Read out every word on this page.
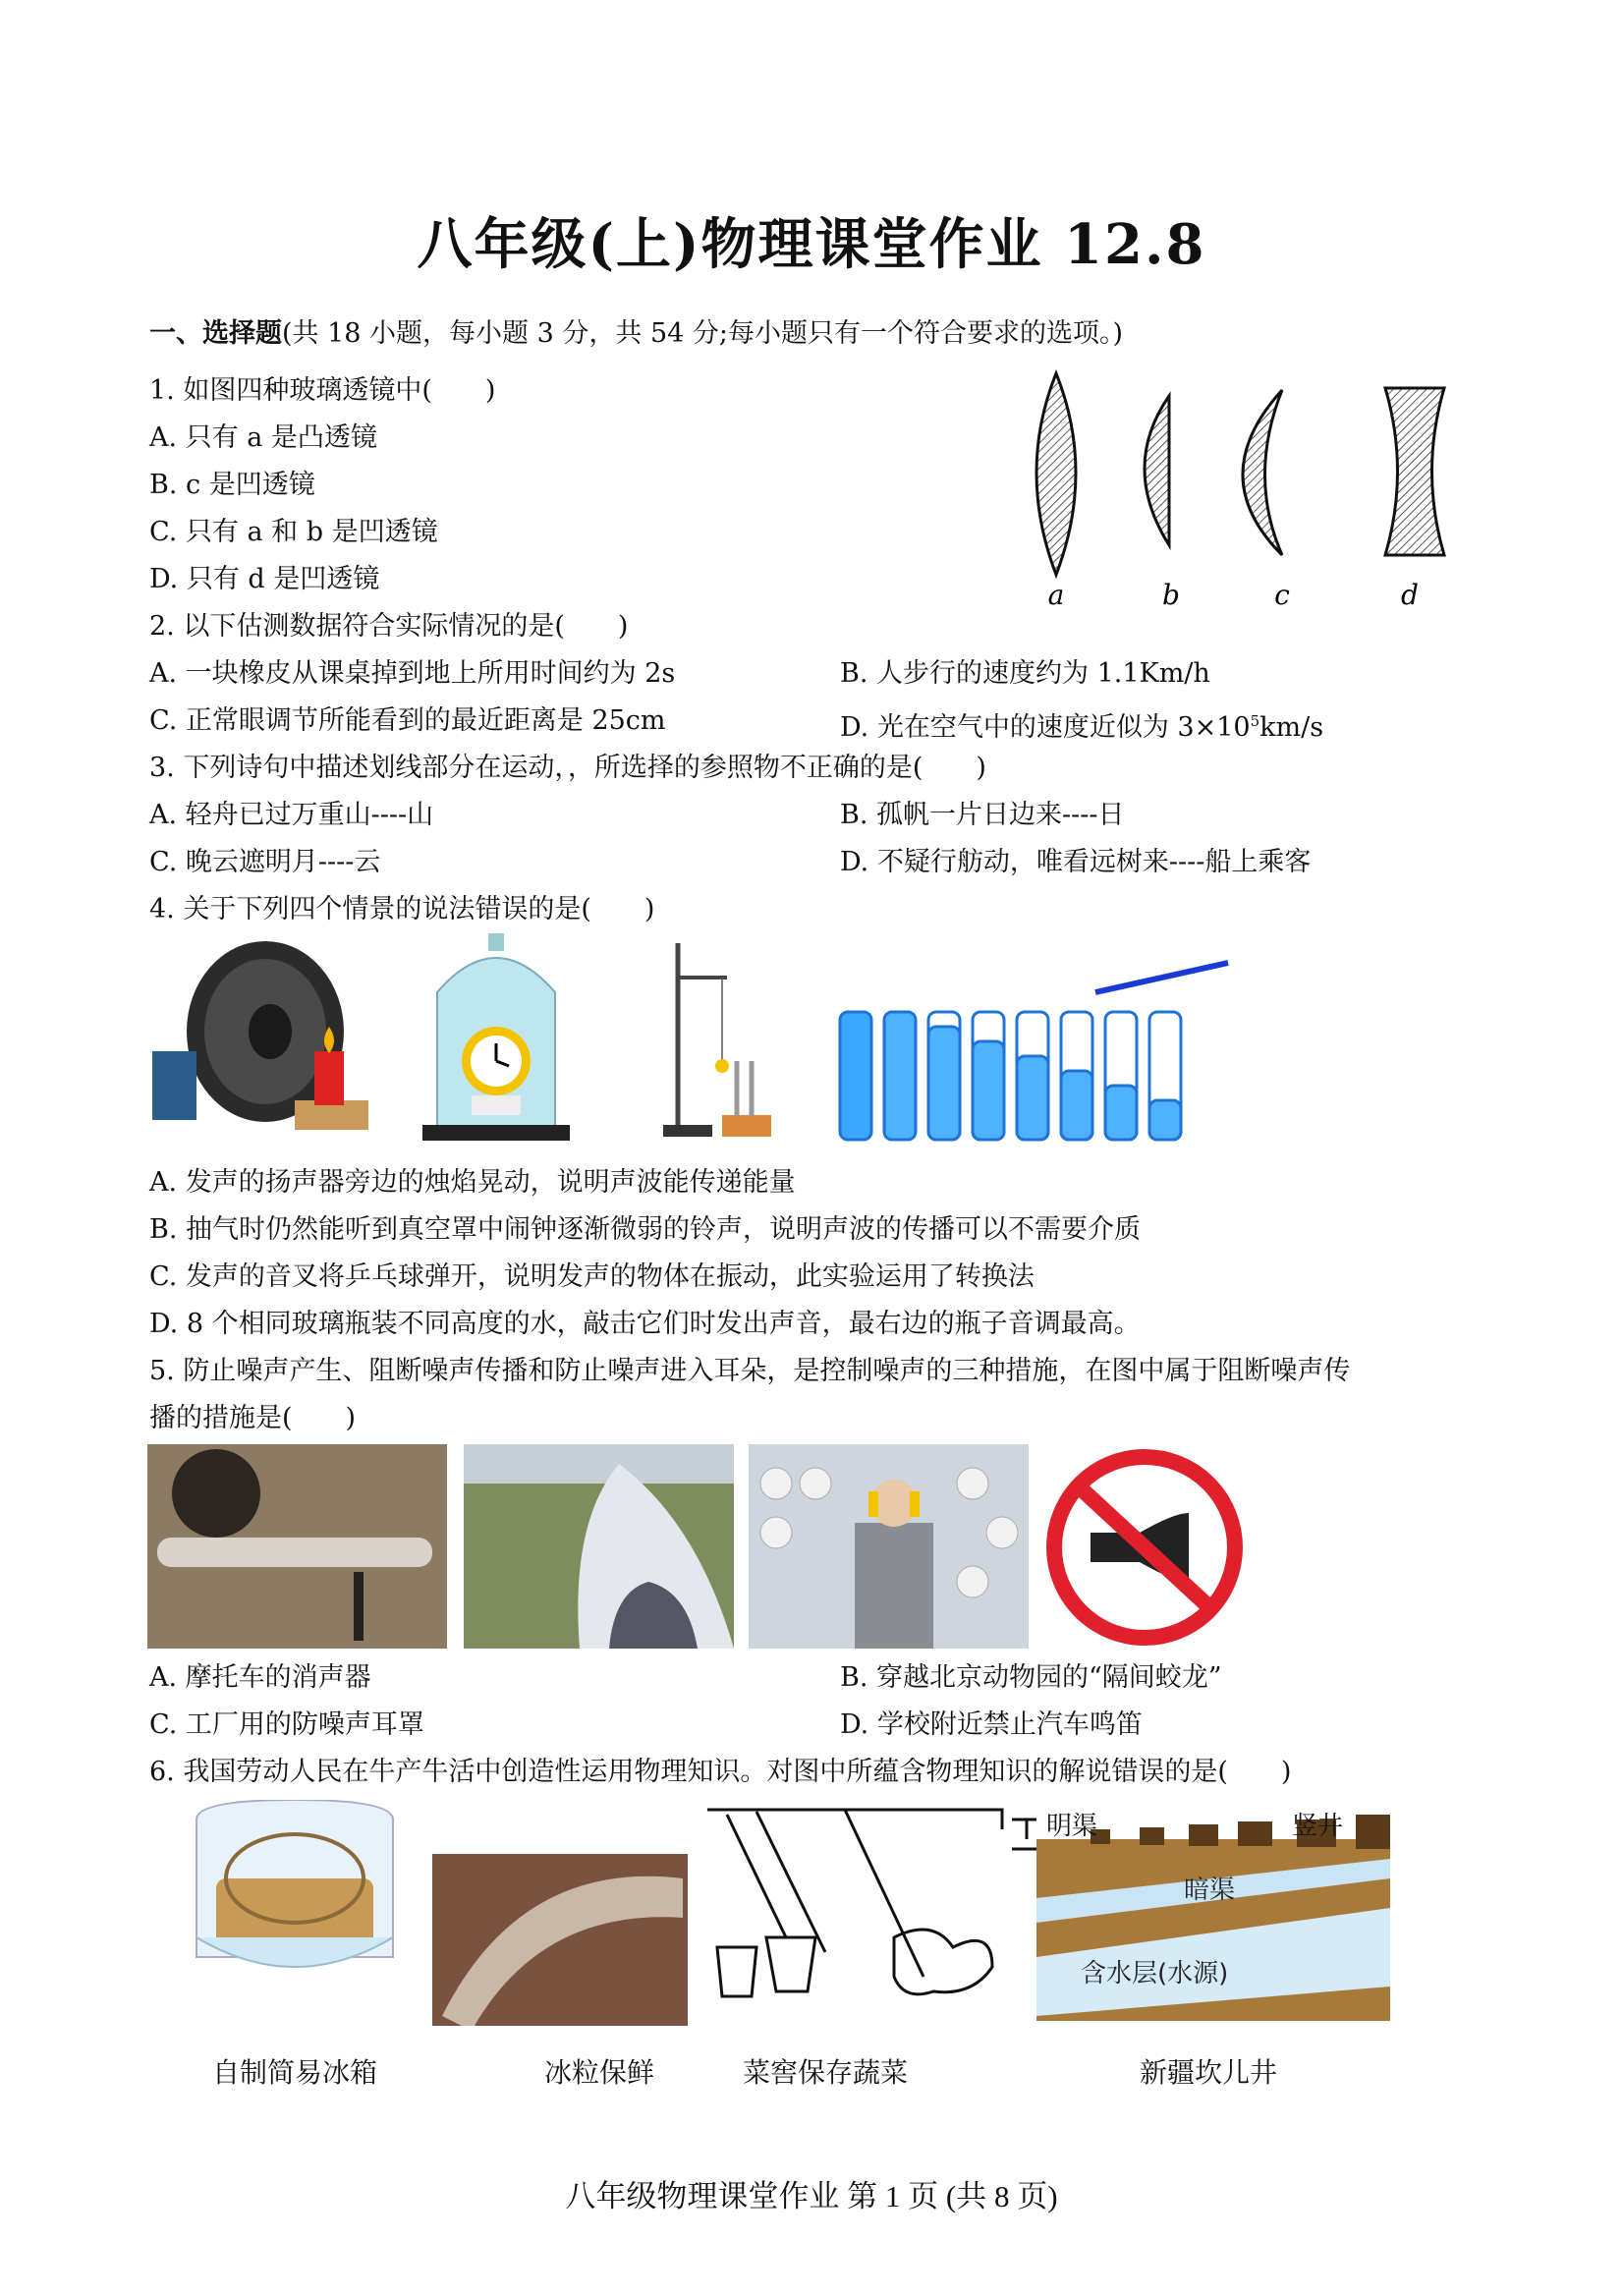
八年级(上)物理课堂作业 12.8
一、选择题(共 18 小题，每小题 3 分，共 54 分;每小题只有一个符合要求的选项。)
1. 如图四种玻璃透镜中(　　)
A. 只有 a 是凸透镜
B. c 是凹透镜
C. 只有 a 和 b 是凹透镜
D. 只有 d 是凹透镜	a	b	c	d
2. 以下估测数据符合实际情况的是(　　)
A. 一块橡皮从课桌掉到地上所用时间约为 2s	B. 人步行的速度约为 1.1Km/h
C. 正常眼调节所能看到的最近距离是 25cm	D. 光在空气中的速度近似为 $3\times 10^5km/s$
3. 下列诗句中描述划线部分在运动，，所选择的参照物不正确的是(　　)
A. 轻舟已过万重山----山	B. 孤帆一片日边来----日
C. 晚云遮明月----云	D. 不疑行舫动，唯看远树来----船上乘客
4. 关于下列四个情景的说法错误的是(　　)
A. 发声的扬声器旁边的烛焰晃动，说明声波能传递能量
B. 抽气时仍然能听到真空罩中闹钟逐渐微弱的铃声，说明声波的传播可以不需要介质
C. 发声的音叉将乒乓球弹开，说明发声的物体在振动，此实验运用了转换法
D. 8 个相同玻璃瓶装不同高度的水，敲击它们时发出声音，最右边的瓶子音调最高。
5. 防止噪声产生、阻断噪声传播和防止噪声进入耳朵，是控制噪声的三种措施，在图中属于阻断噪声传
播的措施是(　　)
A. 摩托车的消声器	B. 穿越北京动物园的“隔间蛟龙”
C. 工厂用的防噪声耳罩	D. 学校附近禁止汽车鸣笛
6. 我国劳动人民在牛产牛活中创造性运用物理知识。对图中所蕴含物理知识的解说错误的是(　　)
明渠	竖井
暗渠
含水层(水源)
自制简易冰箱	冰粒保鲜	菜窖保存蔬菜	新疆坎儿井
八年级物理课堂作业 第 1 页 (共 8 页)
